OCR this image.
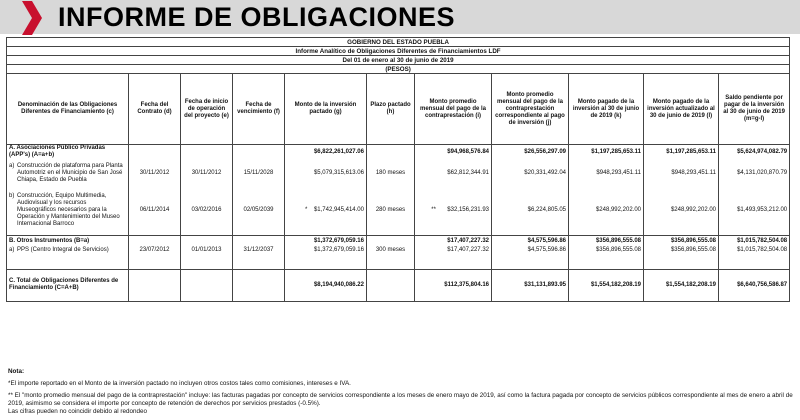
INFORME DE OBLIGACIONES
GOBIERNO DEL ESTADO PUEBLA										
Informe Analítico de Obligaciones Diferentes de Financiamientos LDF										
Del 01 de enero al 30 de junio de 2019										
(PESOS)										
Denominación de las Obligaciones Diferentes de Financiamiento (c)	Fecha del Contrato (d)	Fecha de inicio de operación del proyecto (e)	Fecha de vencimiento (f)	Monto de la inversión pactado (g)	Plazo pactado (h)	Monto promedio mensual del pago de la contraprestación (i)	Monto promedio mensual del pago de la contraprestación correspondiente al pago de inversión (j)	Monto pagado de la inversión al 30 de junio de 2019 (k)	Monto pagado de la inversión actualizado al 30 de junio de 2019 (l)	Saldo pendiente por pagar de la inversión al 30 de junio de 2019 (m=g-l)
A. Asociaciones Público Privadas (APP's) (A=a+b)				$6,822,261,027.06		$94,968,576.84	$26,556,297.09	$1,197,285,653.11	$1,197,285,653.11	$5,624,974,082.79

a) Construcción de plataforma para Planta Automotriz en el Municipio de San José Chiapa, Estado de Puebla	30/11/2012	30/11/2012	15/11/2028	$5,079,315,613.06	180 meses	$62,812,344.91	$20,331,492.04	$948,293,451.11	$948,293,451.11	$4,131,020,870.79

b) Construcción, Equipo Multimedia, Audiovisual y los recursos Museográficos necesarios para la Operación y Mantenimiento del Museo Internacional Barroco	06/11/2014	03/02/2016	02/05/2039	* $1,742,945,414.00	280 meses	** $32,156,231.93	$6,224,805.05	$248,992,202.00	$248,992,202.00	$1,493,953,212.00
B. Otros Instrumentos (B=a)				$1,372,679,059.16		$17,407,227.32	$4,575,596.86	$356,896,555.08	$356,896,555.08	$1,015,782,504.08

a) PPS (Centro Integral de Servicios)	23/07/2012	01/01/2013	31/12/2037	$1,372,679,059.16	300 meses	$17,407,227.32	$4,575,596.86	$356,896,555.08	$356,896,555.08	$1,015,782,504.08
C. Total de Obligaciones Diferentes de Financiamiento (C=A+B)				$8,194,940,086.22		$112,375,804.16	$31,131,893.95	$1,554,182,208.19	$1,554,182,208.19	$6,640,756,586.87
Nota:
*El importe reportado en el Monto de la inversión pactado no incluyen otros costos tales como comisiones, intereses e IVA.
** El "monto promedio mensual del pago de la contraprestación" incluye: las facturas pagadas por concepto de servicios correspondiente a los meses de enero mayo de 2019, así como la factura pagada por concepto de servicios públicos correspondiente al mes de enero a abril de 2019, asimismo se considera el importe por concepto de retención de derechos por servicios prestados (-0.5%).
Las cifras pueden no coincidir debido al redondeo
